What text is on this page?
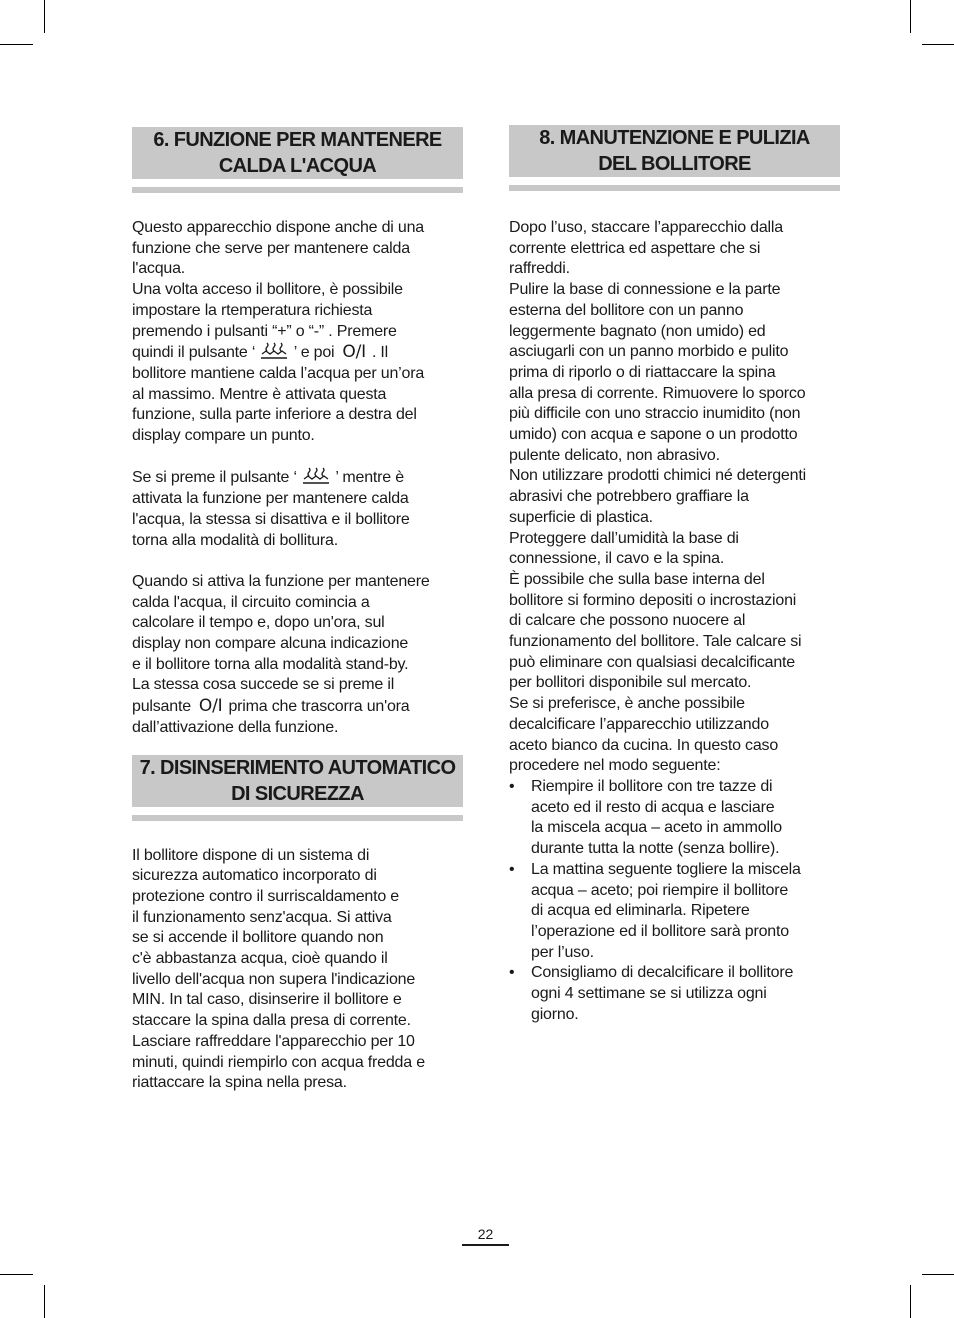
6. FUNZIONE PER MANTENERE
CALDA L'ACQUA

Questo apparecchio dispone anche di una
funzione che serve per mantenere calda
l'acqua.
Una volta acceso il bollitore, è possibile
impostare la rtemperatura richiesta
premendo i pulsanti “+” o “-” . Premere
quindi il pulsante ‘ ’ e poi O/I . Il
bollitore mantiene calda l’acqua per un’ora
al massimo. Mentre è attivata questa
funzione, sulla parte inferiore a destra del
display compare un punto.

Se si preme il pulsante ‘ ’ mentre è
attivata la funzione per mantenere calda
l'acqua, la stessa si disattiva e il bollitore
torna alla modalità di bollitura.

Quando si attiva la funzione per mantenere
calda l'acqua, il circuito comincia a
calcolare il tempo e, dopo un'ora, sul
display non compare alcuna indicazione
e il bollitore torna alla modalità stand-by.
La stessa cosa succede se si preme il
pulsante O/I prima che trascorra un'ora
dall’attivazione della funzione.

7. DISINSERIMENTO AUTOMATICO
DI SICUREZZA

Il bollitore dispone di un sistema di
sicurezza automatico incorporato di
protezione contro il surriscaldamento e
il funzionamento senz'acqua. Si attiva
se si accende il bollitore quando non
c'è abbastanza acqua, cioè quando il
livello dell'acqua non supera l'indicazione
MIN. In tal caso, disinserire il bollitore e
staccare la spina dalla presa di corrente.
Lasciare raffreddare l'apparecchio per 10
minuti, quindi riempirlo con acqua fredda e
riattaccare la spina nella presa.

8. MANUTENZIONE E PULIZIA
DEL BOLLITORE

Dopo l’uso, staccare l’apparecchio dalla
corrente elettrica ed aspettare che si
raffreddi.
Pulire la base di connessione e la parte
esterna del bollitore con un panno
leggermente bagnato (non umido) ed
asciugarli con un panno morbido e pulito
prima di riporlo o di riattaccare la spina
alla presa di corrente. Rimuovere lo sporco
più difficile con uno straccio inumidito (non
umido) con acqua e sapone o un prodotto
pulente delicato, non abrasivo.
Non utilizzare prodotti chimici né detergenti
abrasivi che potrebbero graffiare la
superficie di plastica.
Proteggere dall’umidità la base di
connessione, il cavo e la spina.
È possibile che sulla base interna del
bollitore si formino depositi o incrostazioni
di calcare che possono nuocere al
funzionamento del bollitore. Tale calcare si
può eliminare con qualsiasi decalcificante
per bollitori disponibile sul mercato.
Se si preferisce, è anche possibile
decalcificare l’apparecchio utilizzando
aceto bianco da cucina. In questo caso
procedere nel modo seguente:

• Riempire il bollitore con tre tazze di
aceto ed il resto di acqua e lasciare
la miscela acqua – aceto in ammollo
durante tutta la notte (senza bollire).
• La mattina seguente togliere la miscela
acqua – aceto; poi riempire il bollitore
di acqua ed eliminarla. Ripetere
l’operazione ed il bollitore sarà pronto
per l’uso.
• Consigliamo di decalcificare il bollitore
ogni 4 settimane se si utilizza ogni
giorno.
22
